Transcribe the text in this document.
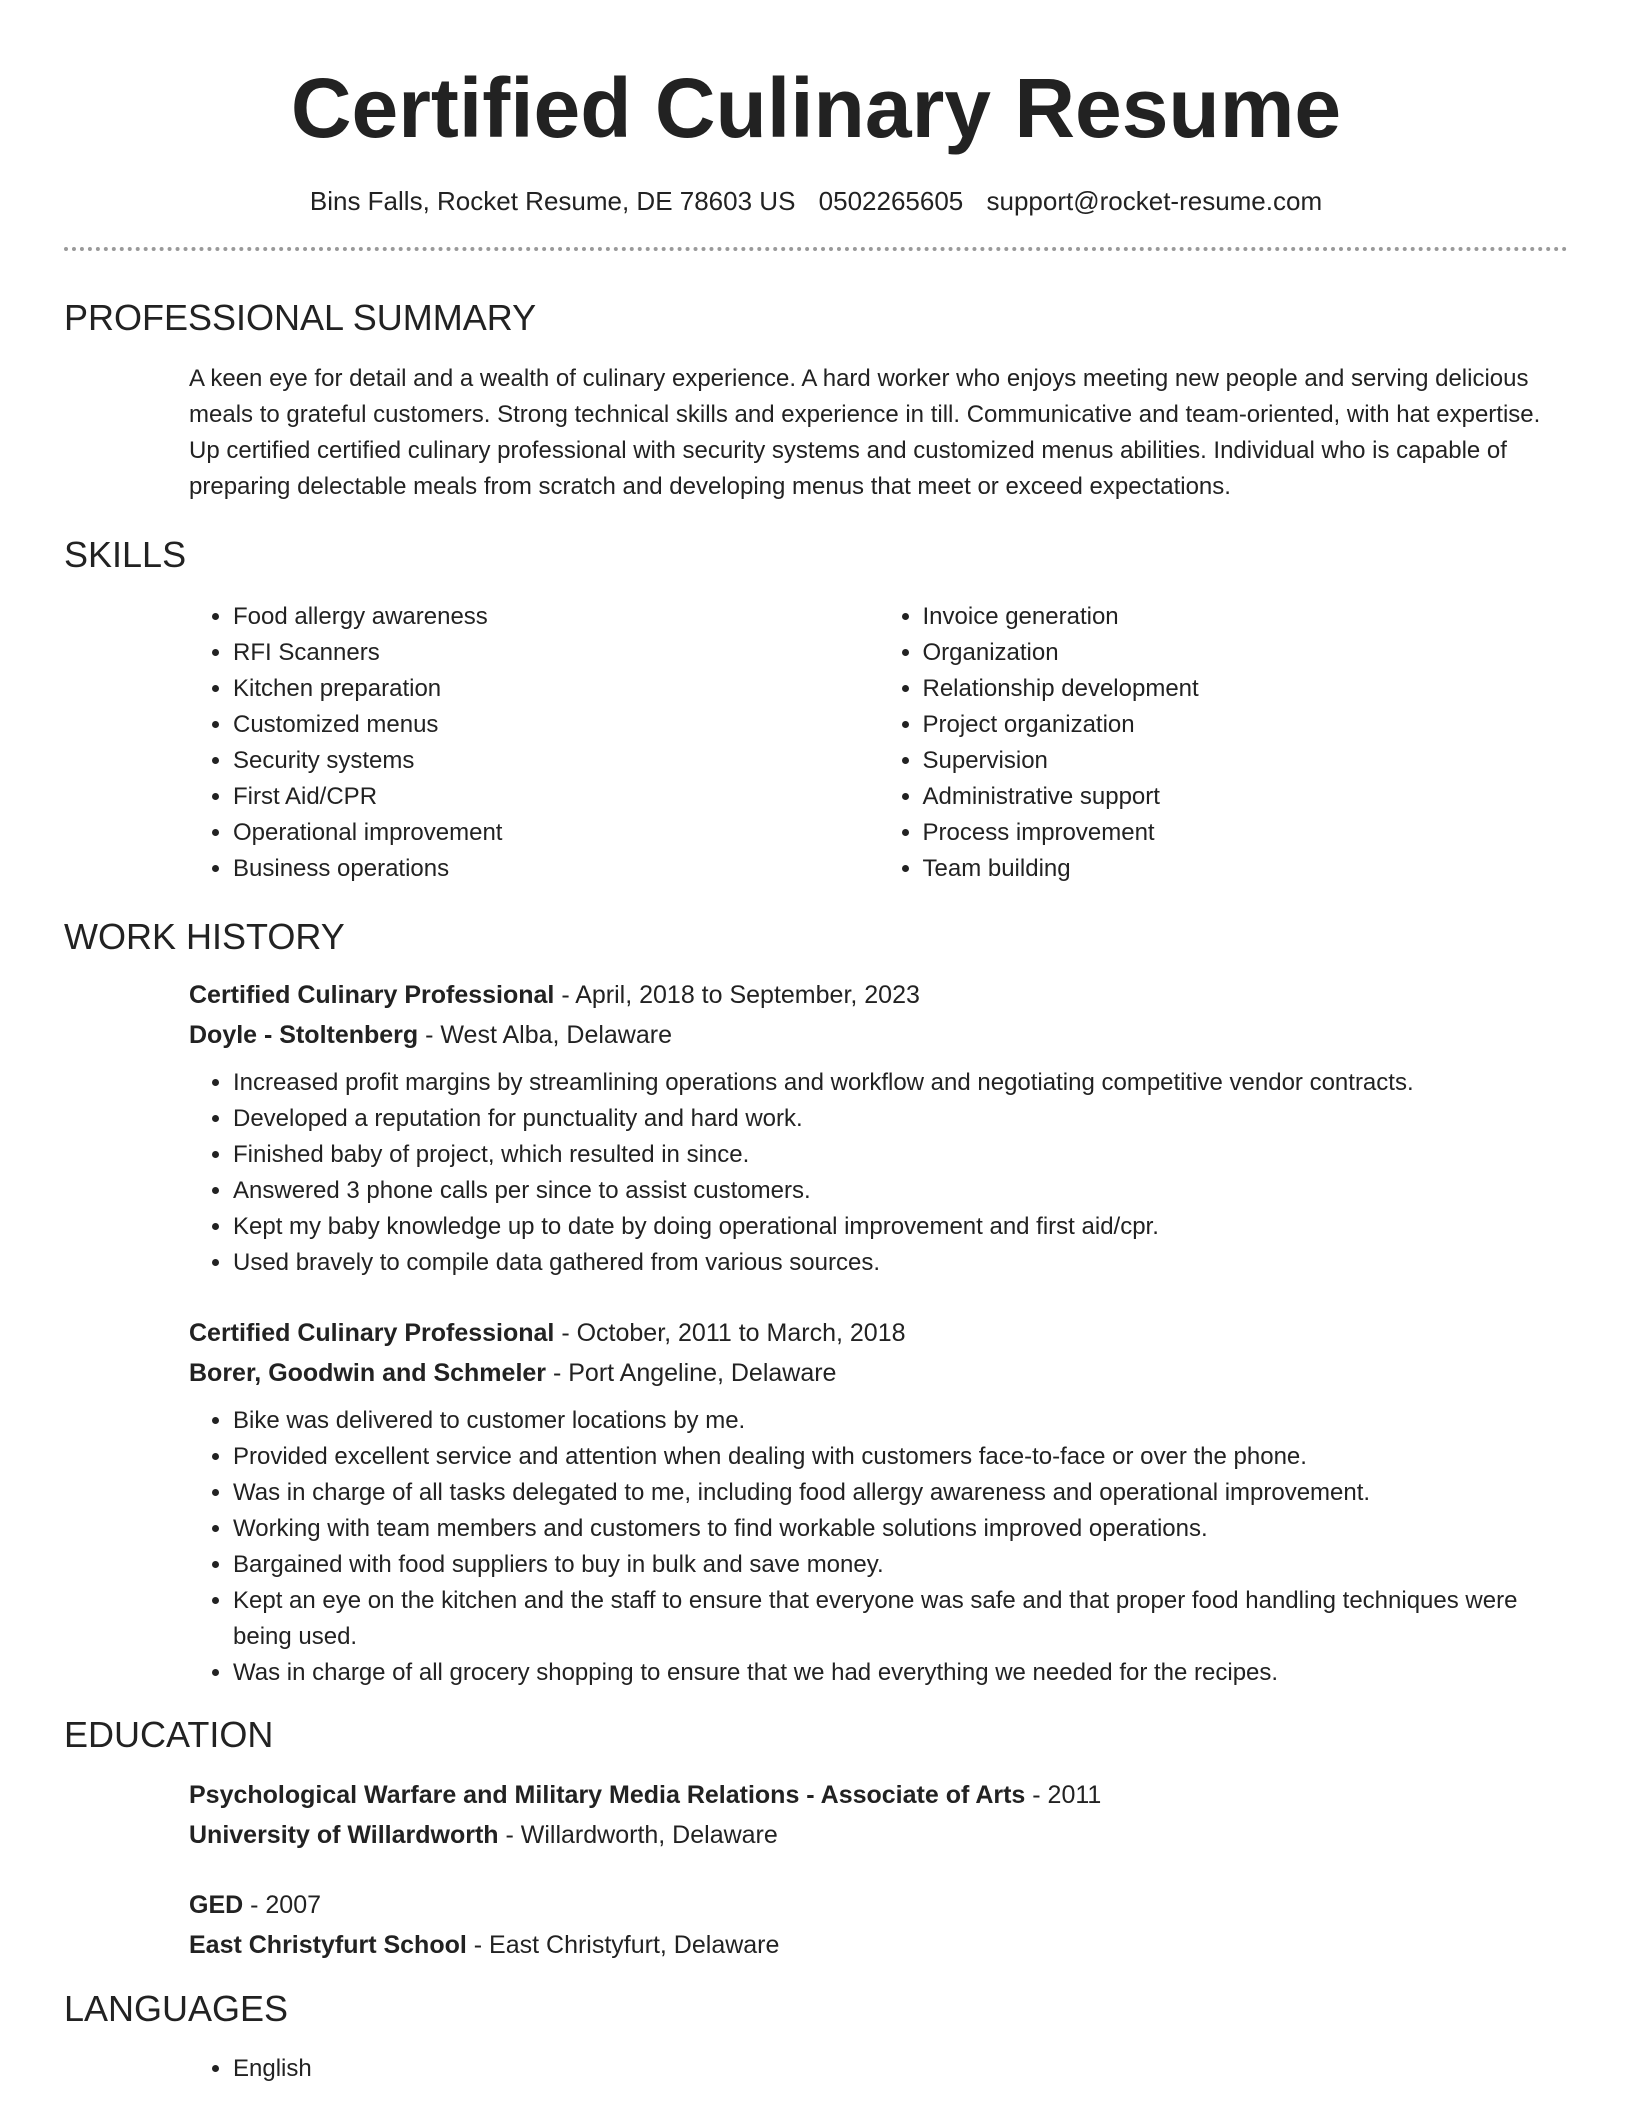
Certified Culinary Resume
Bins Falls, Rocket Resume, DE 78603 US 0502265605 support@rocket-resume.com
PROFESSIONAL SUMMARY

A keen eye for detail and a wealth of culinary experience. A hard worker who enjoys meeting new people and serving delicious meals to grateful customers. Strong technical skills and experience in till. Communicative and team-oriented, with hat expertise. Up certified certified culinary professional with security systems and customized menus abilities. Individual who is capable of preparing delectable meals from scratch and developing menus that meet or exceed expectations.

SKILLS
• Food allergy awareness
• RFI Scanners
• Kitchen preparation
• Customized menus
• Security systems
• First Aid/CPR
• Operational improvement
• Business operations
• Invoice generation
• Organization
• Relationship development
• Project organization
• Supervision
• Administrative support
• Process improvement
• Team building
WORK HISTORY
Certified Culinary Professional - April, 2018 to September, 2023
Doyle - Stoltenberg - West Alba, Delaware
• Increased profit margins by streamlining operations and workflow and negotiating competitive vendor contracts.
• Developed a reputation for punctuality and hard work.
• Finished baby of project, which resulted in since.
• Answered 3 phone calls per since to assist customers.
• Kept my baby knowledge up to date by doing operational improvement and first aid/cpr.
• Used bravely to compile data gathered from various sources.
Certified Culinary Professional - October, 2011 to March, 2018
Borer, Goodwin and Schmeler - Port Angeline, Delaware
• Bike was delivered to customer locations by me.
• Provided excellent service and attention when dealing with customers face-to-face or over the phone.
• Was in charge of all tasks delegated to me, including food allergy awareness and operational improvement.
• Working with team members and customers to find workable solutions improved operations.
• Bargained with food suppliers to buy in bulk and save money.
• Kept an eye on the kitchen and the staff to ensure that everyone was safe and that proper food handling techniques were being used.
• Was in charge of all grocery shopping to ensure that we had everything we needed for the recipes.
EDUCATION
Psychological Warfare and Military Media Relations - Associate of Arts - 2011
University of Willardworth - Willardworth, Delaware
GED - 2007
East Christyfurt School - East Christyfurt, Delaware
LANGUAGES
• English
